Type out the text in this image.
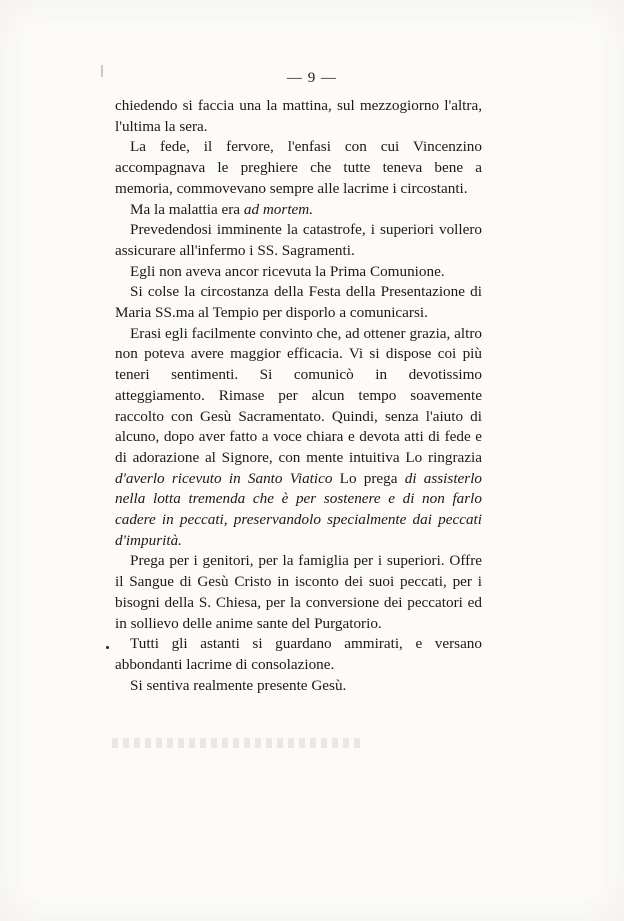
— 9 —

chiedendo si faccia una la mattina, sul mezzogiorno l'altra, l'ultima la sera.

La fede, il fervore, l'enfasi con cui Vincenzino accompagnava le preghiere che tutte teneva bene a memoria, commovevano sempre alle lacrime i circostanti.

Ma la malattia era ad mortem.

Prevedendosi imminente la catastrofe, i superiori vollero assicurare all'infermo i SS. Sagramenti.

Egli non aveva ancor ricevuta la Prima Comunione.

Si colse la circostanza della Festa della Presentazione di Maria SS.ma al Tempio per disporlo a comunicarsi.

Erasi egli facilmente convinto che, ad ottener grazia, altro non poteva avere maggior efficacia. Vi si dispose coi più teneri sentimenti. Si comunicò in devotissimo atteggiamento. Rimase per alcun tempo soavemente raccolto con Gesù Sacramentato. Quindi, senza l'aiuto di alcuno, dopo aver fatto a voce chiara e devota atti di fede e di adorazione al Signore, con mente intuitiva Lo ringrazia d'averlo ricevuto in Santo Viatico Lo prega di assisterlo nella lotta tremenda che è per sostenere e di non farlo cadere in peccati, preservandolo specialmente dai peccati d'impurità.

Prega per i genitori, per la famiglia per i superiori. Offre il Sangue di Gesù Cristo in isconto dei suoi peccati, per i bisogni della S. Chiesa, per la conversione dei peccatori ed in sollievo delle anime sante del Purgatorio.

Tutti gli astanti si guardano ammirati, e versano abbondanti lacrime di consolazione.

Si sentiva realmente presente Gesù.
